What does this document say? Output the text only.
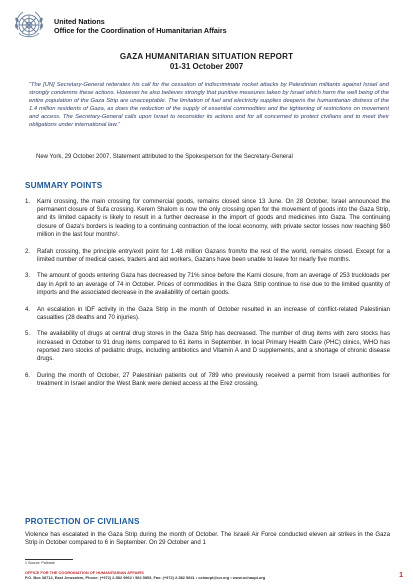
United Nations
Office for the Coordination of Humanitarian Affairs
GAZA HUMANITARIAN SITUATION REPORT
01-31 October 2007
“The [UN] Secretary-General reiterates his call for the cessation of indiscriminate rocket attacks by Palestinian militants against Israel and strongly condemns these actions. However he also believes strongly that punitive measures taken by Israel which harm the well being of the entire population of the Gaza Strip are unacceptable. The limitation of fuel and electricity supplies deepens the humanitarian distress of the 1.4 million residents of Gaza, as does the reduction of the supply of essential commodities and the tightening of restrictions on movement and access. The Secretary-General calls upon Israel to reconsider its actions and for all concerned to protect civilians and to meet their obligations under international law.”
New York, 29 October 2007, Statement attributed to the Spokesperson for the Secretary-General
SUMMARY POINTS
1. Karni crossing, the main crossing for commercial goods, remains closed since 13 June. On 28 October, Israel announced the permanent closure of Sufa crossing. Kerem Shalom is now the only crossing open for the movement of goods into the Gaza Strip, and its limited capacity is likely to result in a further decrease in the import of goods and medicines into Gaza. The continuing closure of Gaza's borders is leading to a continuing contraction of the local economy, with private sector losses now reaching $60 million in the last four months¹.
2. Rafah crossing, the principle entry/exit point for 1.48 million Gazans from/to the rest of the world, remains closed. Except for a limited number of medical cases, traders and aid workers, Gazans have been unable to leave for nearly five months.
3. The amount of goods entering Gaza has decreased by 71% since before the Karni closure, from an average of 253 truckloads per day in April to an average of 74 in October. Prices of commodities in the Gaza Strip continue to rise due to the limited quantity of imports and the associated decrease in the availability of certain goods.
4. An escalation in IDF activity in the Gaza Strip in the month of October resulted in an increase of conflict-related Palestinian casualties (28 deaths and 70 injuries).
5. The availability of drugs at central drug stores in the Gaza Strip has decreased. The number of drug items with zero stocks has increased in October to 91 drug items compared to 61 items in September. In local Primary Health Care (PHC) clinics, WHO has reported zero stocks of pediatric drugs, including antibiotics and Vitamin A and D supplements, and a shortage of chronic disease drugs.
6. During the month of October, 27 Palestinian patients out of 789 who previously received a permit from Israeli authorities for treatment in Israel and/or the West Bank were denied access at the Erez crossing.
PROTECTION OF CIVILIANS
Violence has escalated in the Gaza Strip during the month of October. The Israeli Air Force conducted eleven air strikes in the Gaza Strip in October compared to 6 in September. On 29 October and 1
1 Source: Paltrade
OFFICE FOR THE COORDINATION OF HUMANITARIAN AFFAIRS
P.O. Box 38712, East Jerusalem, Phone: (+972) 2-582 9962 / 582 5853, Fax: (+972) 2-582 5841 • ochaopt@un.org • www.ochaopt.org	1
